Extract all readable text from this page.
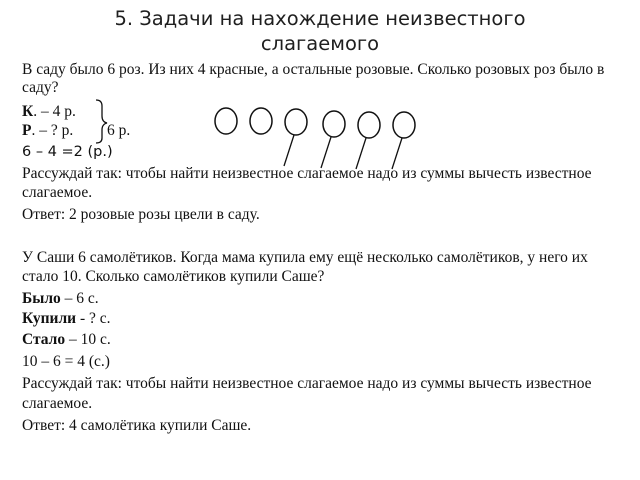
5. Задачи на нахождение неизвестного
слагаемого
В саду было 6 роз. Из них 4 красные, а остальные розовые. Сколько розовых роз было в
саду?
К. – 4 р.
Р. – ? р. 6 р.
6 – 4 =2 (р.)
Рассуждай так: чтобы найти неизвестное слагаемое надо из суммы вычесть известное
слагаемое.
Ответ: 2 розовые розы цвели в саду.
У Саши 6 самолётиков. Когда мама купила ему ещё несколько самолётиков, у него их
стало 10. Сколько самолётиков купили Саше?
Было – 6 с.
Купили - ? с.
Стало – 10 с.
10 – 6 = 4 (с.)
Рассуждай так: чтобы найти неизвестное слагаемое надо из суммы вычесть известное
слагаемое.
Ответ: 4 самолётика купили Саше.
